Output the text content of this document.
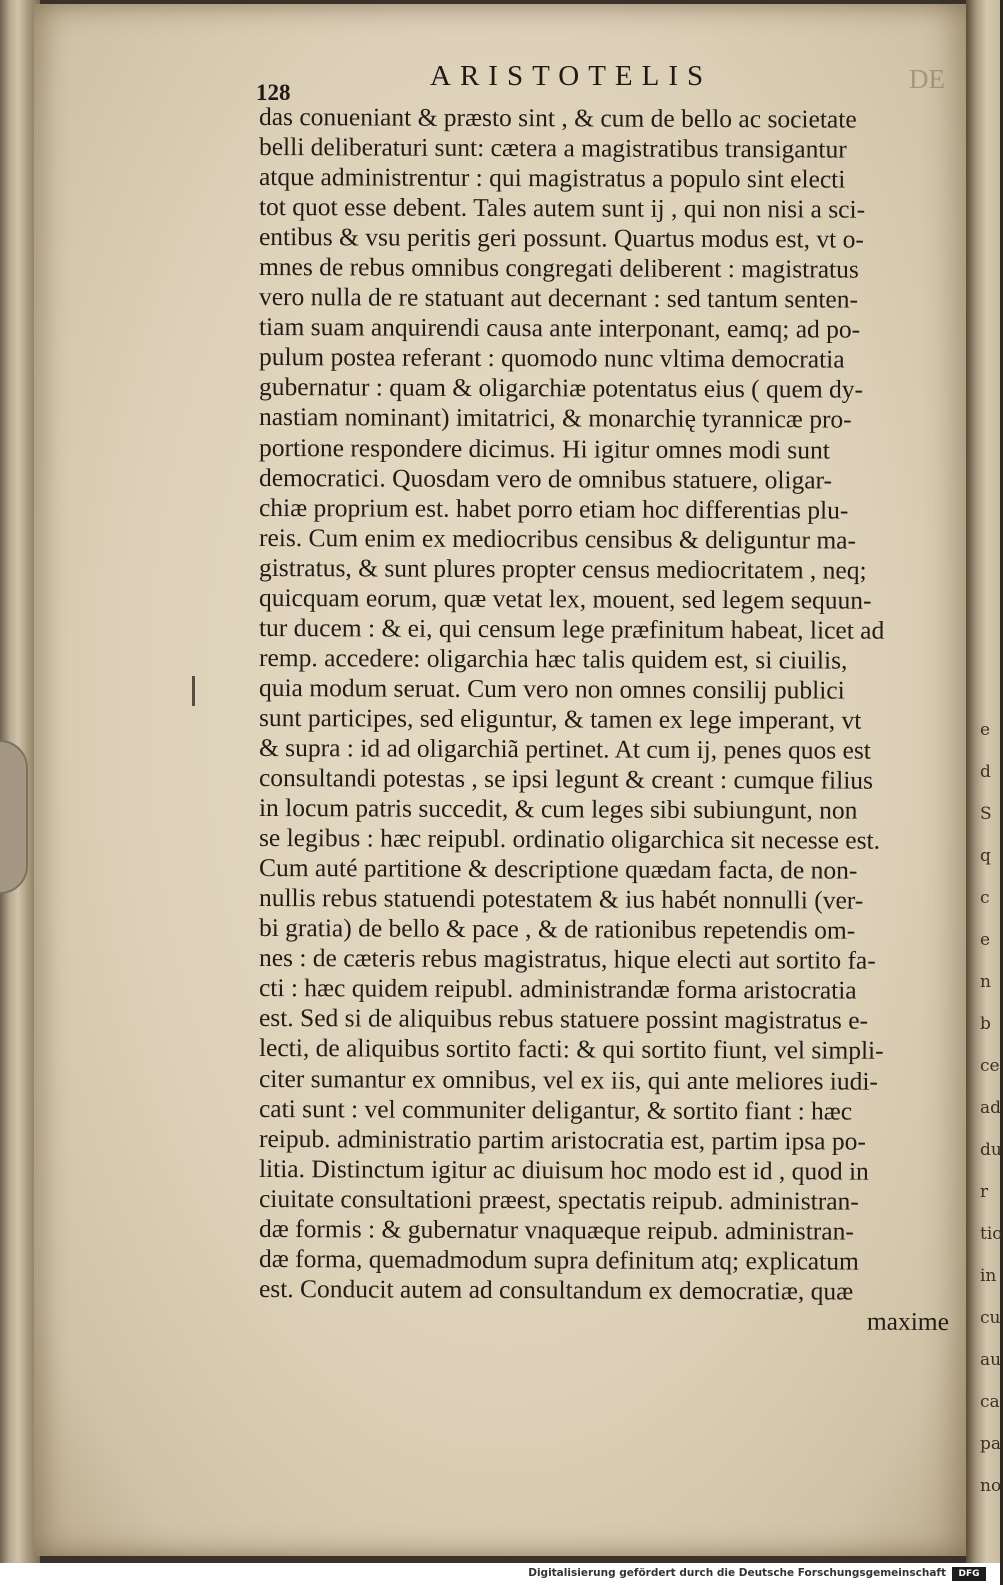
DE
128
ARISTOTELIS
das conueniant & præsto sint , & cum de bello ac societate
belli deliberaturi sunt: cætera a magistratibus transigantur
atque administrentur : qui magistratus a populo sint electi
tot quot esse debent. Tales autem sunt ij , qui non nisi a sci-
entibus & vsu peritis geri possunt. Quartus modus est, vt o-
mnes de rebus omnibus congregati deliberent : magistratus
vero nulla de re statuant aut decernant : sed tantum senten-
tiam suam anquirendi causa ante interponant, eamq; ad po-
pulum postea referant : quomodo nunc vltima democratia
gubernatur : quam & oligarchiæ potentatus eius ( quem dy-
nastiam nominant) imitatrici, & monarchię tyrannicæ pro-
portione respondere dicimus. Hi igitur omnes modi sunt
democratici. Quosdam vero de omnibus statuere, oligar-
chiæ proprium est. habet porro etiam hoc differentias plu-
reis. Cum enim ex mediocribus censibus & deliguntur ma-
gistratus, & sunt plures propter census mediocritatem , neq;
quicquam eorum, quæ vetat lex, mouent, sed legem sequun-
tur ducem : & ei, qui censum lege præfinitum habeat, licet ad
remp. accedere: oligarchia hæc talis quidem est, si ciuilis,
quia modum seruat. Cum vero non omnes consilij publici
sunt participes, sed eliguntur, & tamen ex lege imperant, vt
& supra : id ad oligarchiã pertinet. At cum ij, penes quos est
consultandi potestas , se ipsi legunt & creant : cumque filius
in locum patris succedit, & cum leges sibi subiungunt, non
se legibus : hæc reipubl. ordinatio oligarchica sit necesse est.
Cum auté partitione & descriptione quædam facta, de non-
nullis rebus statuendi potestatem & ius habét nonnulli (ver-
bi gratia) de bello & pace , & de rationibus repetendis om-
nes : de cæteris rebus magistratus, hique electi aut sortito fa-
cti : hæc quidem reipubl. administrandæ forma aristocratia
est. Sed si de aliquibus rebus statuere possint magistratus e-
lecti, de aliquibus sortito facti: & qui sortito fiunt, vel simpli-
citer sumantur ex omnibus, vel ex iis, qui ante meliores iudi-
cati sunt : vel communiter deligantur, & sortito fiant : hæc
reipub. administratio partim aristocratia est, partim ipsa po-
litia. Distinctum igitur ac diuisum hoc modo est id , quod in
ciuitate consultationi præest, spectatis reipub. administran-
dæ formis : & gubernatur vnaquæque reipub. administran-
dæ forma, quemadmodum supra definitum atq; explicatum
est. Conducit autem ad consultandum ex democratiæ, quæ
maxime
e
d
S
q
c
e
n
b
ce
ad
du
r
tio
in
cu
au
ca
pa
no
Digitalisierung gefördert durch die Deutsche Forschungsgemeinschaft	DFG
